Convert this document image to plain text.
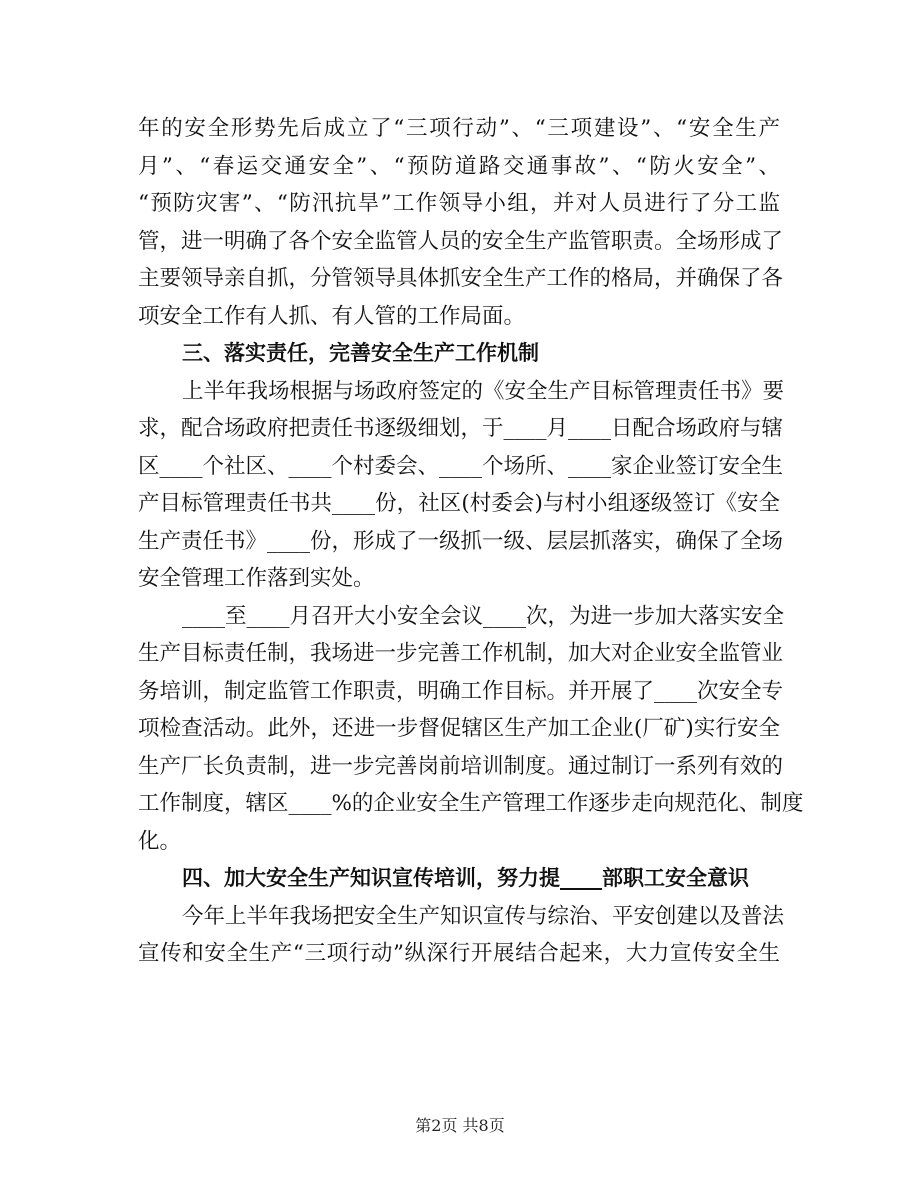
年的安全形势先后成立了“三项行动”、“三项建设”、“安全生产
月”、“春运交通安全”、“预防道路交通事故”、“防火安全”、
“预防灾害”、“防汛抗旱”工作领导小组，并对人员进行了分工监
管，进一明确了各个安全监管人员的安全生产监管职责。全场形成了
主要领导亲自抓，分管领导具体抓安全生产工作的格局，并确保了各
项安全工作有人抓、有人管的工作局面。
三、落实责任，完善安全生产工作机制
上半年我场根据与场政府签定的《安全生产目标管理责任书》要
求，配合场政府把责任书逐级细划，于____月____日配合场政府与辖
区____个社区、____个村委会、____个场所、____家企业签订安全生
产目标管理责任书共____份，社区(村委会)与村小组逐级签订《安全
生产责任书》____份，形成了一级抓一级、层层抓落实，确保了全场
安全管理工作落到实处。
____至____月召开大小安全会议____次，为进一步加大落实安全
生产目标责任制，我场进一步完善工作机制，加大对企业安全监管业
务培训，制定监管工作职责，明确工作目标。并开展了____次安全专
项检查活动。此外，还进一步督促辖区生产加工企业(厂矿)实行安全
生产厂长负责制，进一步完善岗前培训制度。通过制订一系列有效的
工作制度，辖区____%的企业安全生产管理工作逐步走向规范化、制度
化。
四、加大安全生产知识宣传培训，努力提____部职工安全意识
今年上半年我场把安全生产知识宣传与综治、平安创建以及普法
宣传和安全生产“三项行动”纵深行开展结合起来，大力宣传安全生
第2页 共8页
